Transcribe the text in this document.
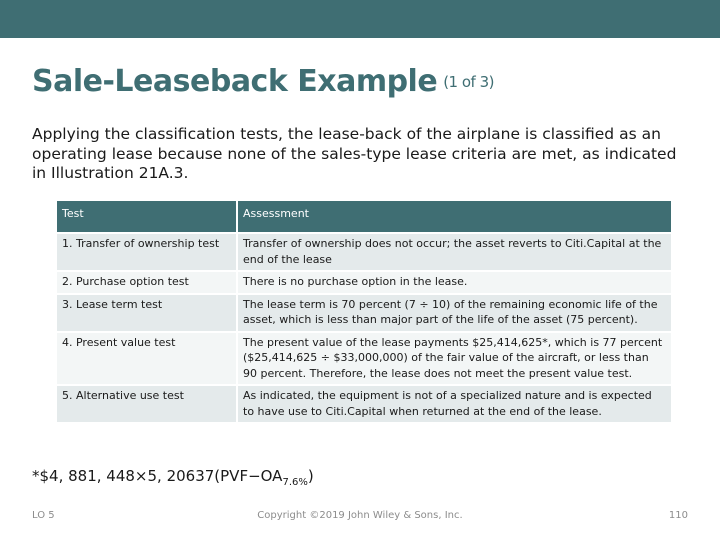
Sale-Leaseback Example (1 of 3)
Applying the classification tests, the lease-back of the airplane is classified as an operating lease because none of the sales-type lease criteria are met, as indicated in Illustration 21A.3.
Test	Assessment
1. Transfer of ownership test	Transfer of ownership does not occur; the asset reverts to Citi.Capital at the end of the lease
2. Purchase option test	There is no purchase option in the lease.
3. Lease term test	The lease term is 70 percent (7 ÷ 10) of the remaining economic life of the asset, which is less than major part of the life of the asset (75 percent).
4. Present value test	The present value of the lease payments $25,414,625*, which is 77 percent ($25,414,625 ÷ $33,000,000) of the fair value of the aircraft, or less than 90 percent. Therefore, the lease does not meet the present value test.
5. Alternative use test	As indicated, the equipment is not of a specialized nature and is expected to have use to Citi.Capital when returned at the end of the lease.
*$4, 881, 448×5, $20637(PVF-OA_{7.6\%})$
LO 5	Copyright ©2019 John Wiley & Sons, Inc.	110
